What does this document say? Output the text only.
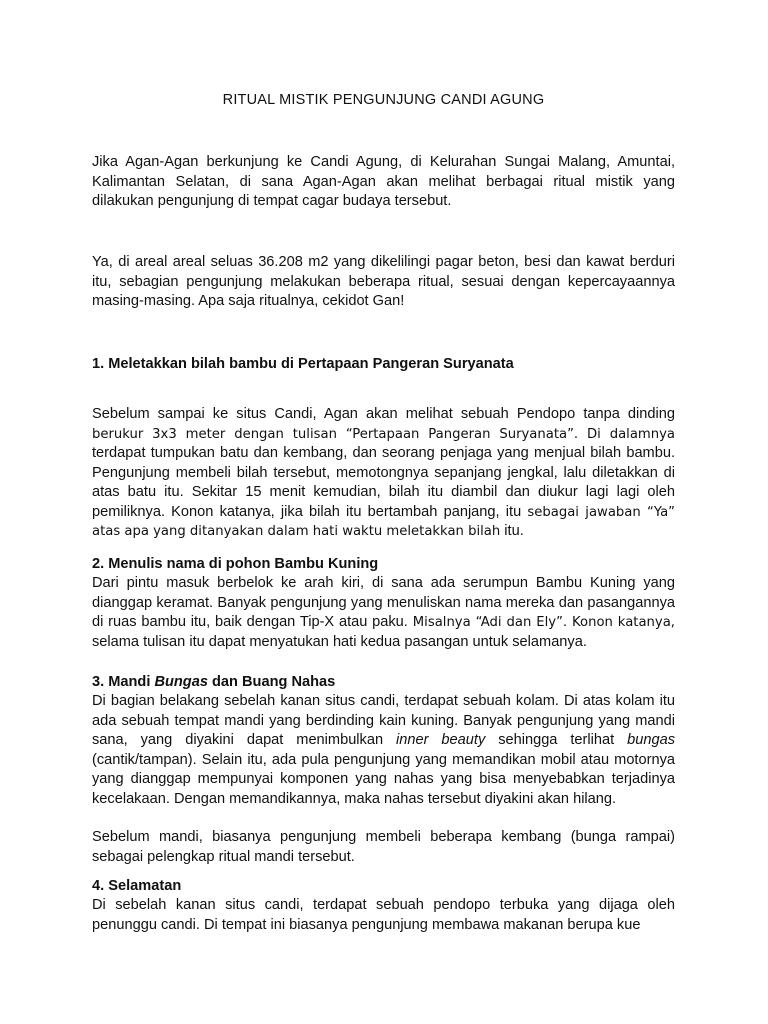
RITUAL MISTIK PENGUNJUNG CANDI AGUNG

Jika Agan-Agan berkunjung ke Candi Agung, di Kelurahan Sungai Malang, Amuntai, Kalimantan Selatan, di sana Agan-Agan akan melihat berbagai ritual mistik yang dilakukan pengunjung di tempat cagar budaya tersebut.

Ya, di areal areal seluas 36.208 m2 yang dikelilingi pagar beton, besi dan kawat berduri itu, sebagian pengunjung melakukan beberapa ritual, sesuai dengan kepercayaannya masing-masing. Apa saja ritualnya, cekidot Gan!

1. Meletakkan bilah bambu di Pertapaan Pangeran Suryanata

Sebelum sampai ke situs Candi, Agan akan melihat sebuah Pendopo tanpa dinding berukur 3x3 meter dengan tulisan “Pertapaan Pangeran Suryanata”. Di dalamnya terdapat tumpukan batu dan kembang, dan seorang penjaga yang menjual bilah bambu. Pengunjung membeli bilah tersebut, memotongnya sepanjang jengkal, lalu diletakkan di atas batu itu. Sekitar 15 menit kemudian, bilah itu diambil dan diukur lagi lagi oleh pemiliknya. Konon katanya, jika bilah itu bertambah panjang, itu sebagai jawaban “Ya” atas apa yang ditanyakan dalam hati waktu meletakkan bilah itu.

2. Menulis nama di pohon Bambu Kuning

Dari pintu masuk berbelok ke arah kiri, di sana ada serumpun Bambu Kuning yang dianggap keramat. Banyak pengunjung yang menuliskan nama mereka dan pasangannya di ruas bambu itu, baik dengan Tip-X atau paku. Misalnya “Adi dan Ely”. Konon katanya, selama tulisan itu dapat menyatukan hati kedua pasangan untuk selamanya.

3. Mandi Bungas dan Buang Nahas

Di bagian belakang sebelah kanan situs candi, terdapat sebuah kolam. Di atas kolam itu ada sebuah tempat mandi yang berdinding kain kuning. Banyak pengunjung yang mandi sana, yang diyakini dapat menimbulkan inner beauty sehingga terlihat bungas (cantik/tampan). Selain itu, ada pula pengunjung yang memandikan mobil atau motornya yang dianggap mempunyai komponen yang nahas yang bisa menyebabkan terjadinya kecelakaan. Dengan memandikannya, maka nahas tersebut diyakini akan hilang.

Sebelum mandi, biasanya pengunjung membeli beberapa kembang (bunga rampai) sebagai pelengkap ritual mandi tersebut.

4. Selamatan

Di sebelah kanan situs candi, terdapat sebuah pendopo terbuka yang dijaga oleh penunggu candi. Di tempat ini biasanya pengunjung membawa makanan berupa kue
